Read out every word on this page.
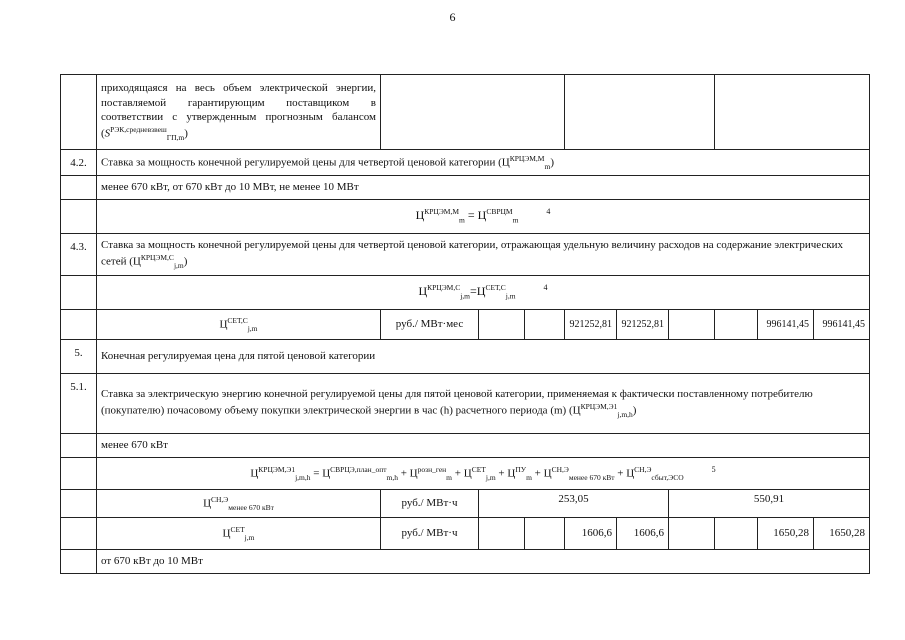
6
	приходящаяся на весь объем электрической энергии, поставляемой гарантирующим поставщиком в соответствии с утвержденным прогнозным балансом $(S^{РЭК,средневзвеш}_{ГП,m})$									
4.2.	Ставка за мощность конечной регулируемой цены для четвертой ценовой категории $(Ц^{КРЦЭМ,М}_m)$									
	менее 670 кВт, от 670 кВт до 10 МВт, не менее 10 МВт									
	$Ц^{КРЦЭМ,М}_m = Ц^{СВРЦМ}_m^4$
4.3.	Ставка за мощность конечной регулируемой цены для четвертой ценовой категории, отражающая удельную величину расходов на содержание электрических сетей $(Ц^{КРЦЭМ,С}_{j,m})$									
	$Ц^{КРЦЭМ,С}_{j,m}=Ц^{СЕТ,С}_{j,m}^4$
	$Ц^{СЕТ,С}_{j,m}$	руб./ МВт·мес			921252,81	921252,81			996141,45	996141,45
5.	Конечная регулируемая цена для пятой ценовой категории									
5.1.	Ставка за электрическую энергию конечной регулируемой цены для пятой ценовой категории, применяемая к фактически поставленному потребителю (покупателю) почасовому объему покупки электрической энергии в час (h) расчетного периода (m) $(Ц^{КРЦЭМ,Э1}_{j,m,h})$									
	менее 670 кВт									
	$Ц^{КРЦЭМ,Э1}_{j,m,h} = Ц^{СВРЦЭ,план\_опт}_{m,h} + Ц^{розн\_ген}_m + Ц^{СЕТ}_{j,m} + Ц^{ПУ}_m + Ц^{СН,Э}_{менее 670 кВт} + Ц^{СН,Э}_{сбыт,ЭСО}^5$
	$Ц^{СН,Э}_{менее 670 кВт}$	руб./ МВт·ч	253,05				550,91			
	$Ц^{СЕТ}_{j,m}$	руб./ МВт·ч			1606,6	1606,6			1650,28	1650,28
	от 670 кВт до 10 МВт									
